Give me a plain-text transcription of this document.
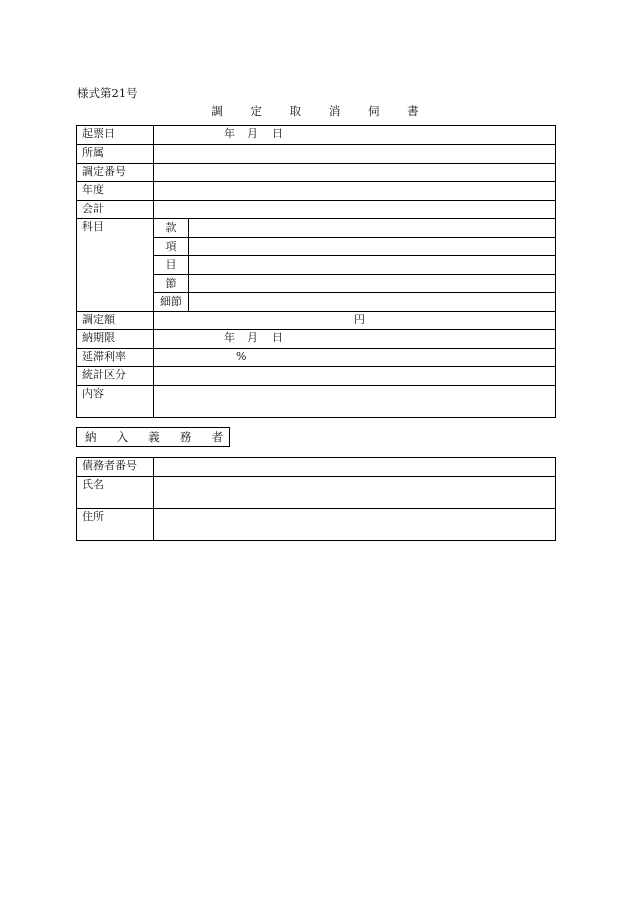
様式第21号
調 定 取 消 伺 書
起票日	年 月 日	

所属		
調定番号		
年度		
会計		
科目	款	
	項	
	目	
	節	
	細節	
調定額	円	

納期限	年 月 日	

延滞利率	%	

統計区分		
内容		
納 入 義 務 者
債務者番号	
氏名	
住所	
